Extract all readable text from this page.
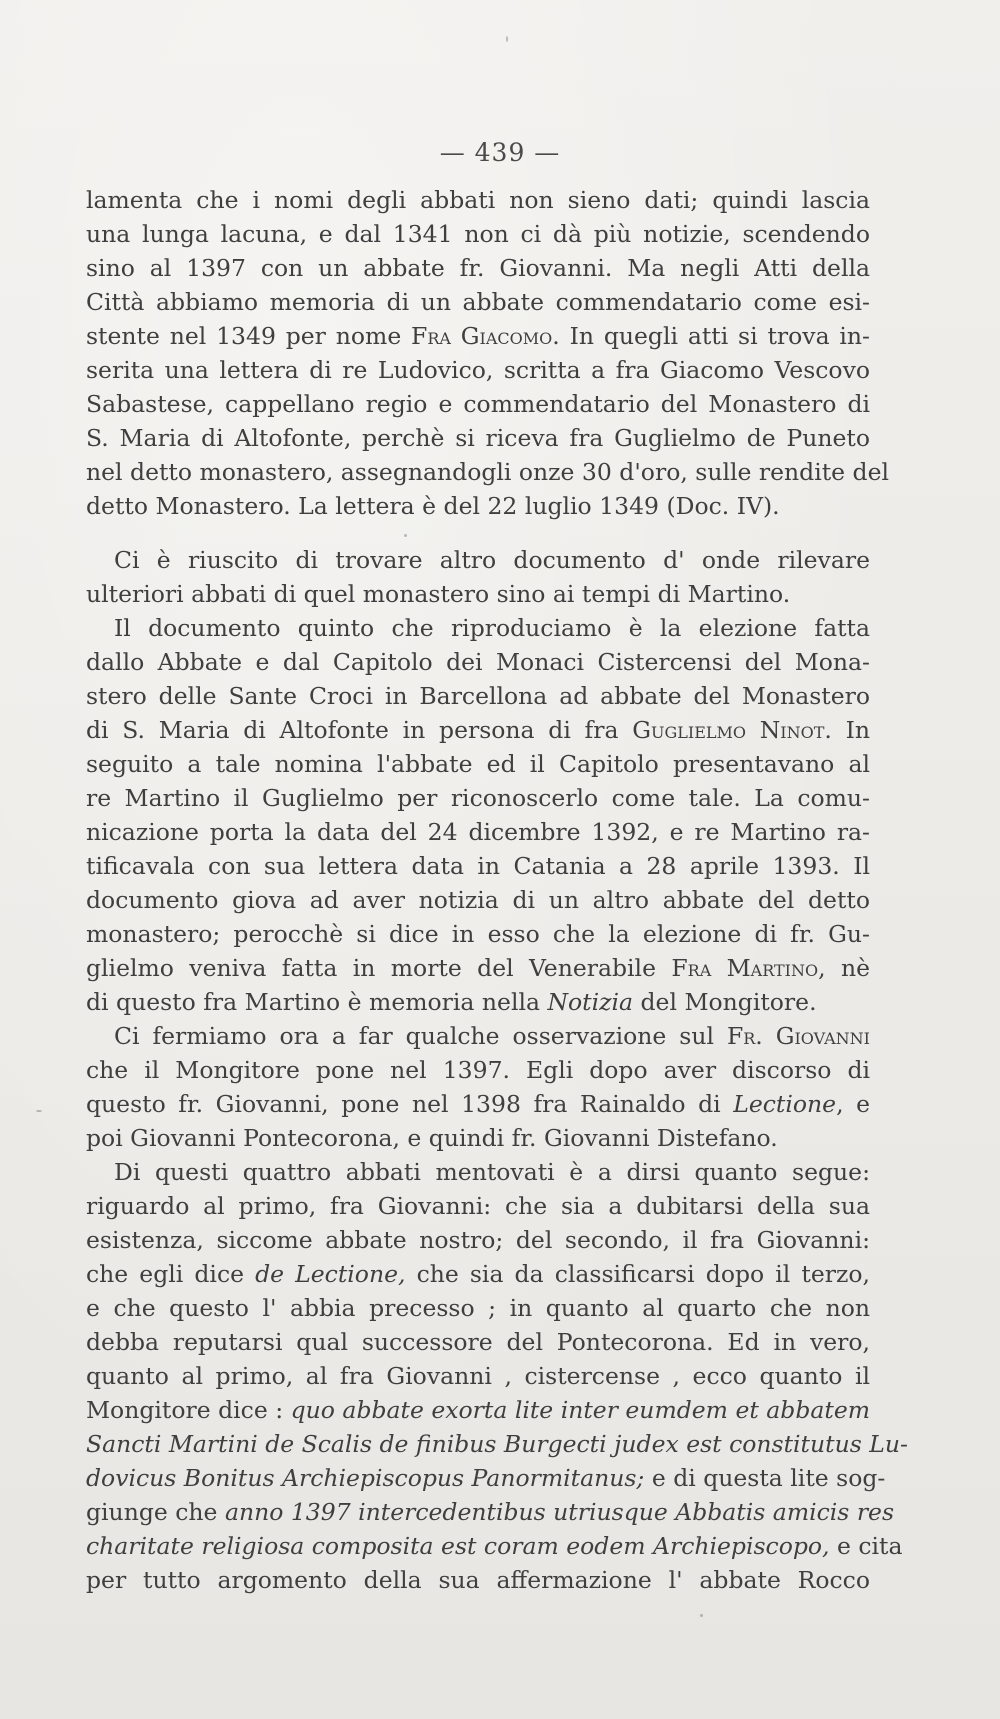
— 439 —
lamenta che i nomi degli abbati non sieno dati; quindi lascia
una lunga lacuna, e dal 1341 non ci dà più notizie, scendendo
sino al 1397 con un abbate fr. Giovanni. Ma negli Atti della
Città abbiamo memoria di un abbate commendatario come esi-
stente nel 1349 per nome Fra Giacomo. In quegli atti si trova in-
serita una lettera di re Ludovico, scritta a fra Giacomo Vescovo
Sabastese, cappellano regio e commendatario del Monastero di
S. Maria di Altofonte, perchè si riceva fra Guglielmo de Puneto
nel detto monastero, assegnandogli onze 30 d'oro, sulle rendite del
detto Monastero. La lettera è del 22 luglio 1349 (Doc. IV).
Ci è riuscito di trovare altro documento d' onde rilevare
ulteriori abbati di quel monastero sino ai tempi di Martino.
Il documento quinto che riproduciamo è la elezione fatta
dallo Abbate e dal Capitolo dei Monaci Cistercensi del Mona-
stero delle Sante Croci in Barcellona ad abbate del Monastero
di S. Maria di Altofonte in persona di fra Guglielmo Ninot. In
seguito a tale nomina l'abbate ed il Capitolo presentavano al
re Martino il Guglielmo per riconoscerlo come tale. La comu-
nicazione porta la data del 24 dicembre 1392, e re Martino ra-
tificavala con sua lettera data in Catania a 28 aprile 1393. Il
documento giova ad aver notizia di un altro abbate del detto
monastero; perocchè si dice in esso che la elezione di fr. Gu-
glielmo veniva fatta in morte del Venerabile Fra Martino, nè
di questo fra Martino è memoria nella Notizia del Mongitore.
Ci fermiamo ora a far qualche osservazione sul Fr. Giovanni
che il Mongitore pone nel 1397. Egli dopo aver discorso di
questo fr. Giovanni, pone nel 1398 fra Rainaldo di Lectione, e
poi Giovanni Pontecorona, e quindi fr. Giovanni Distefano.
Di questi quattro abbati mentovati è a dirsi quanto segue:
riguardo al primo, fra Giovanni: che sia a dubitarsi della sua
esistenza, siccome abbate nostro; del secondo, il fra Giovanni:
che egli dice de Lectione, che sia da classificarsi dopo il terzo,
e che questo l' abbia precesso ; in quanto al quarto che non
debba reputarsi qual successore del Pontecorona. Ed in vero,
quanto al primo, al fra Giovanni , cistercense , ecco quanto il
Mongitore dice : quo abbate exorta lite inter eumdem et abbatem
Sancti Martini de Scalis de finibus Burgecti judex est constitutus Lu-
dovicus Bonitus Archiepiscopus Panormitanus; e di questa lite sog-
giunge che anno 1397 intercedentibus utriusque Abbatis amicis res
charitate religiosa composita est coram eodem Archiepiscopo, e cita
per tutto argomento della sua affermazione l' abbate Rocco
